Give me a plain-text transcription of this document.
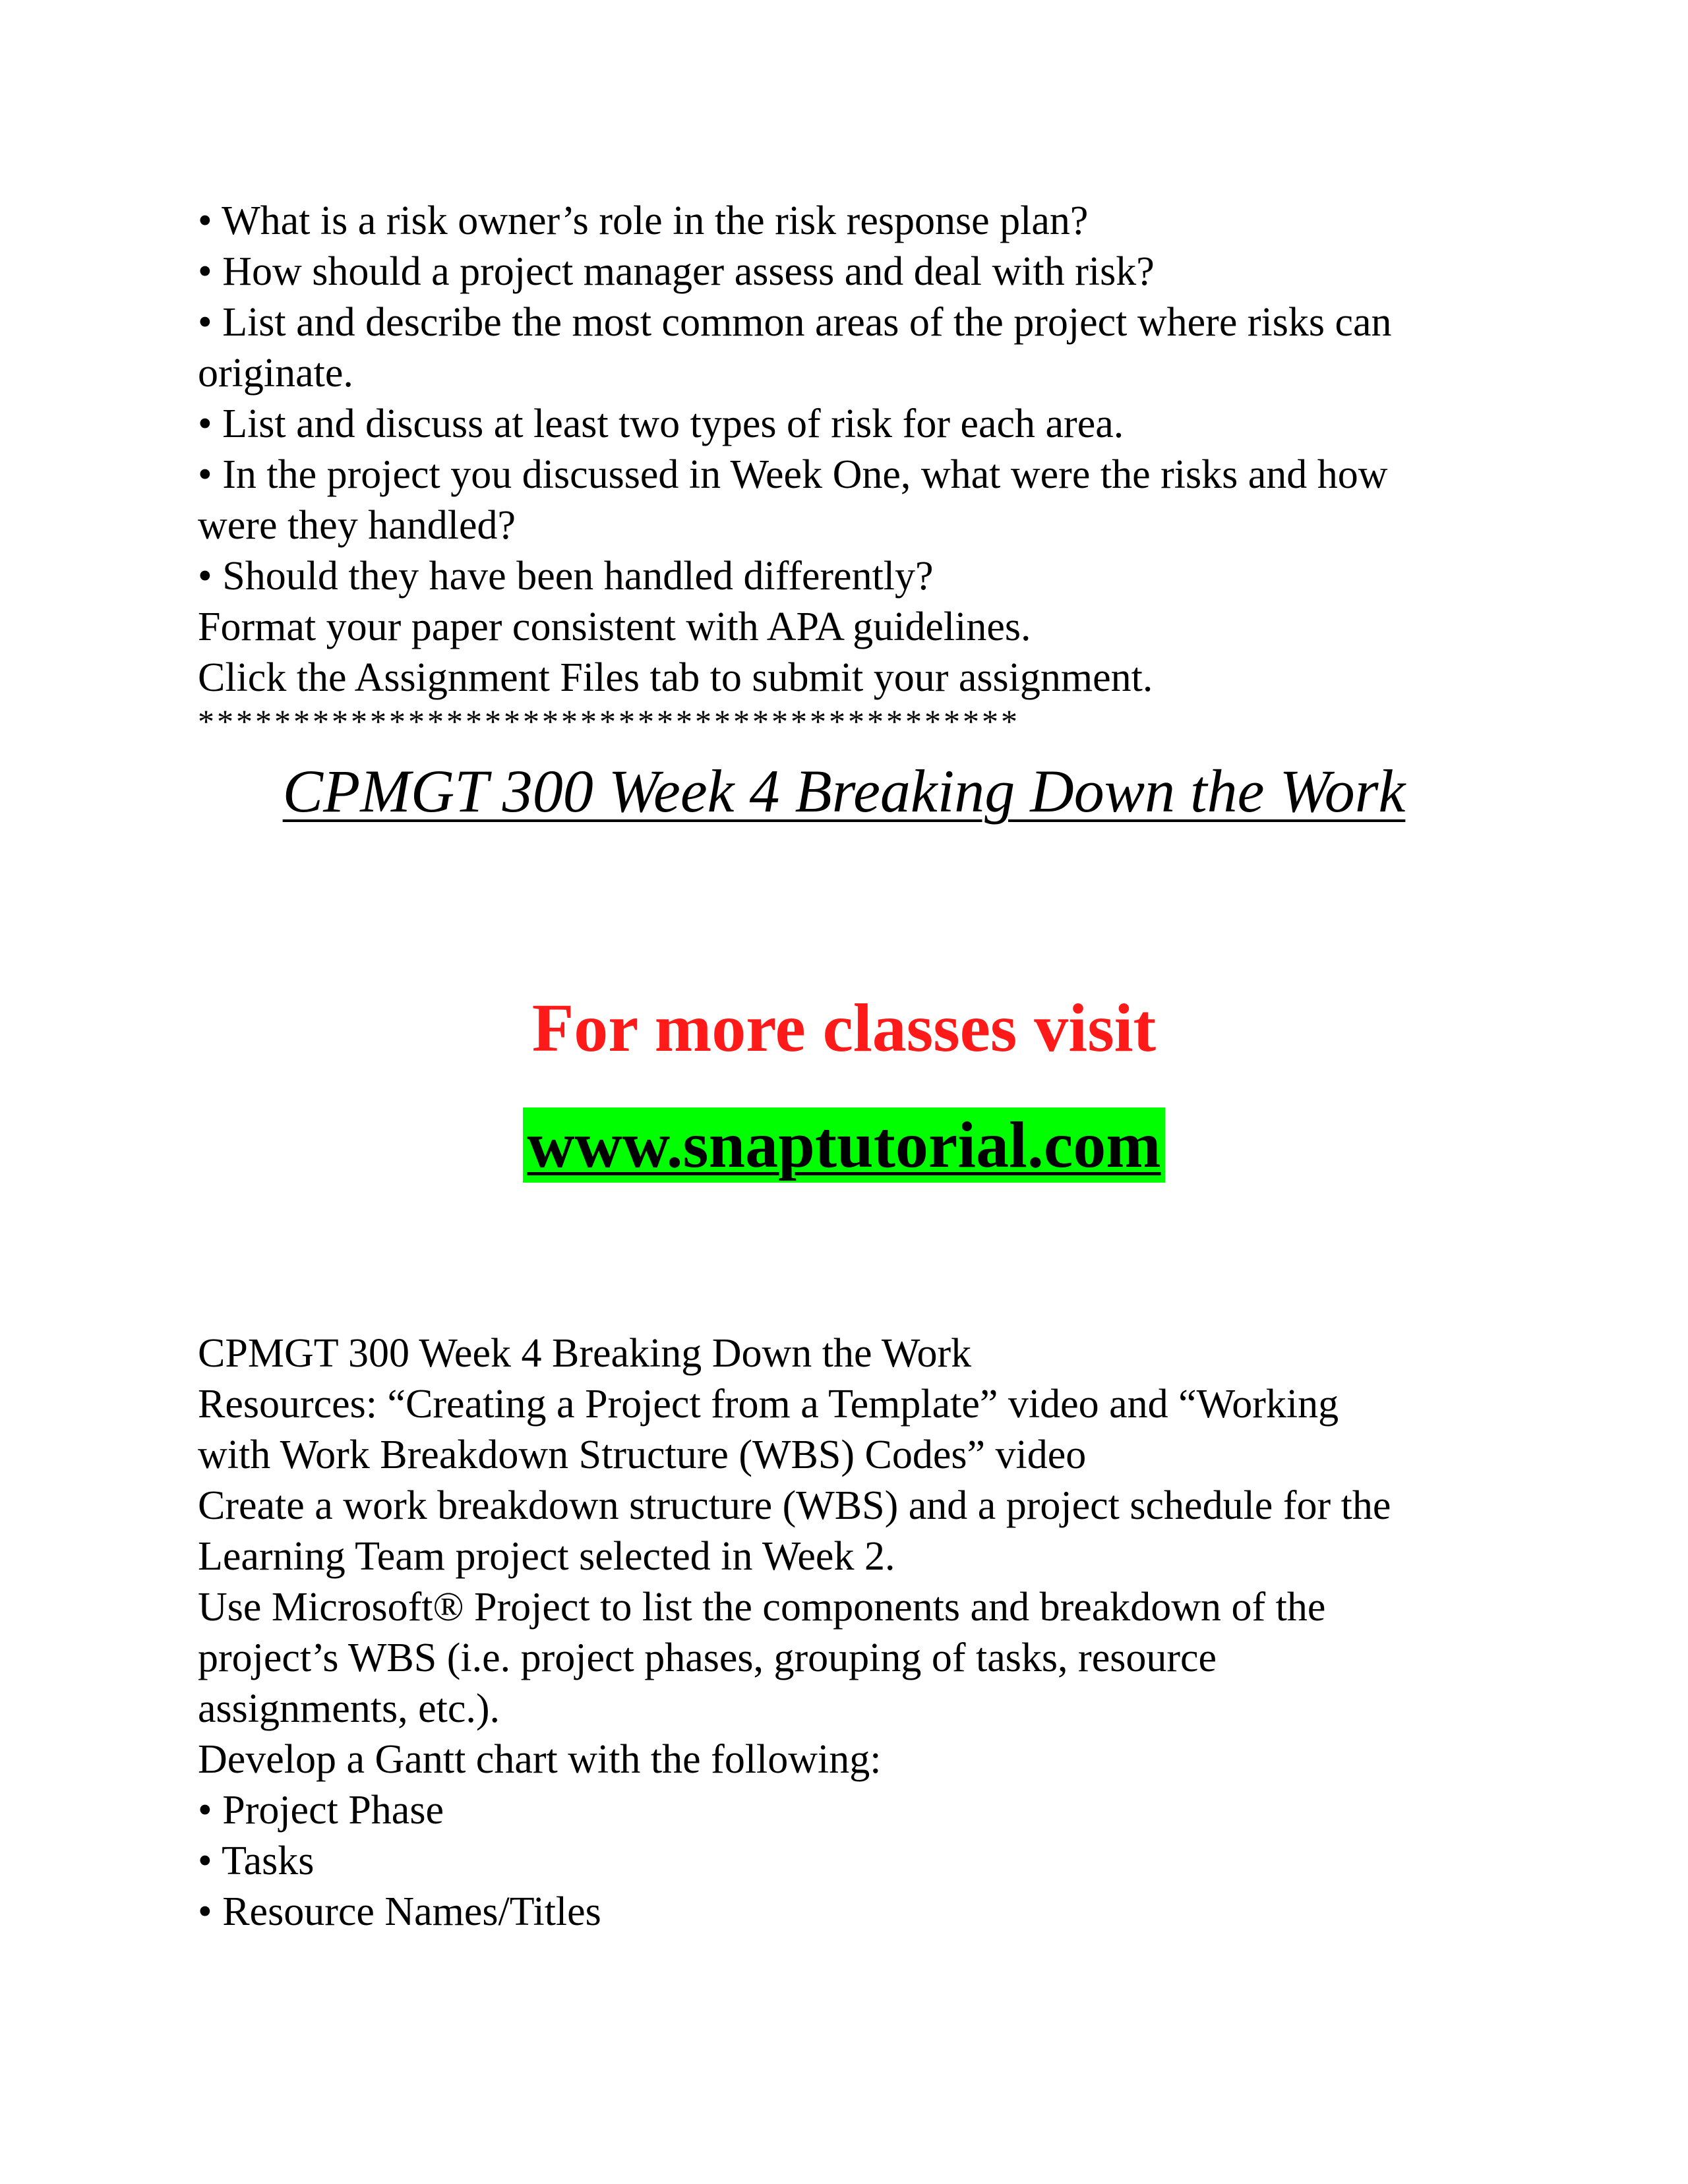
• What is a risk owner’s role in the risk response plan?
• How should a project manager assess and deal with risk?
• List and describe the most common areas of the project where risks can
originate.
• List and discuss at least two types of risk for each area.
• In the project you discussed in Week One, what were the risks and how
were they handled?
• Should they have been handled differently?
Format your paper consistent with APA guidelines.
Click the Assignment Files tab to submit your assignment.
*******************************************
CPMGT 300 Week 4 Breaking Down the Work
For more classes visit
www.snaptutorial.com
CPMGT 300 Week 4 Breaking Down the Work
Resources: “Creating a Project from a Template” video and “Working
with Work Breakdown Structure (WBS) Codes” video
Create a work breakdown structure (WBS) and a project schedule for the
Learning Team project selected in Week 2.
Use Microsoft® Project to list the components and breakdown of the
project’s WBS (i.e. project phases, grouping of tasks, resource
assignments, etc.).
Develop a Gantt chart with the following:
• Project Phase
• Tasks
• Resource Names/Titles
